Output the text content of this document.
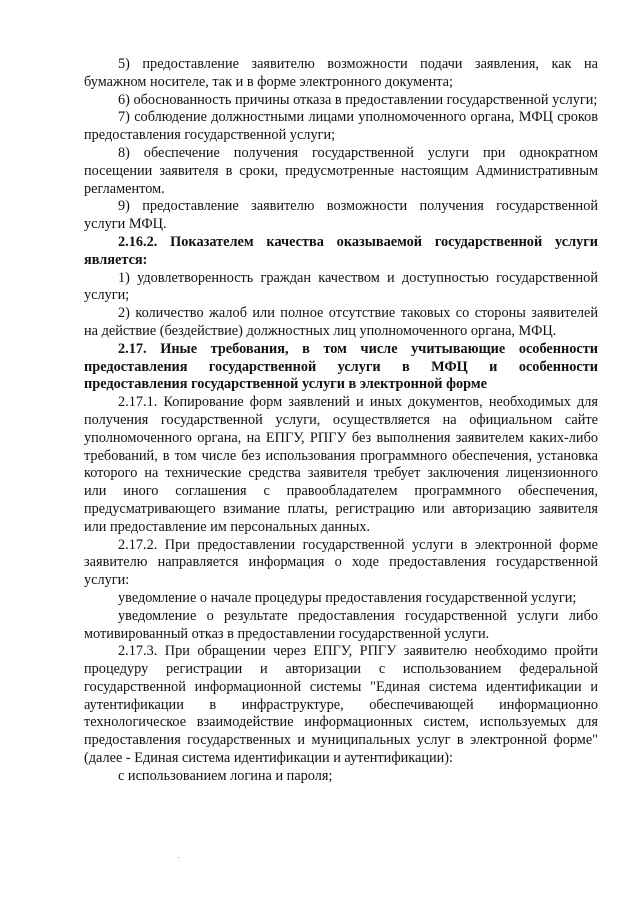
5) предоставление заявителю возможности подачи заявления, как на бумажном носителе, так и в форме электронного документа;

6) обоснованность причины отказа в предоставлении государственной услуги;

7) соблюдение должностными лицами уполномоченного органа, МФЦ сроков предоставления государственной услуги;

8) обеспечение получения государственной услуги при однократном посещении заявителя в сроки, предусмотренные настоящим Административным регламентом.

9) предоставление заявителю возможности получения государственной услуги МФЦ.

2.16.2. Показателем качества оказываемой государственной услуги является:

1) удовлетворенность граждан качеством и доступностью государственной услуги;

2) количество жалоб или полное отсутствие таковых со стороны заявителей на действие (бездействие) должностных лиц уполномоченного органа, МФЦ.

2.17. Иные требования, в том числе учитывающие особенности предоставления государственной услуги в МФЦ и особенности предоставления государственной услуги в электронной форме

2.17.1. Копирование форм заявлений и иных документов, необходимых для получения государственной услуги, осуществляется на официальном сайте уполномоченного органа, на ЕПГУ, РПГУ без выполнения заявителем каких-либо требований, в том числе без использования программного обеспечения, установка которого на технические средства заявителя требует заключения лицензионного или иного соглашения с правообладателем программного обеспечения, предусматривающего взимание платы, регистрацию или авторизацию заявителя или предоставление им персональных данных.

2.17.2. При предоставлении государственной услуги в электронной форме заявителю направляется информация о ходе предоставления государственной услуги:

уведомление о начале процедуры предоставления государственной услуги;

уведомление о результате предоставления государственной услуги либо мотивированный отказ в предоставлении государственной услуги.

2.17.3. При обращении через ЕПГУ, РПГУ заявителю необходимо пройти процедуру регистрации и авторизации с использованием федеральной государственной информационной системы "Единая система идентификации и аутентификации в инфраструктуре, обеспечивающей информационно технологическое взаимодействие информационных систем, используемых для предоставления государственных и муниципальных услуг в электронной форме" (далее - Единая система идентификации и аутентификации):

с использованием логина и пароля;
